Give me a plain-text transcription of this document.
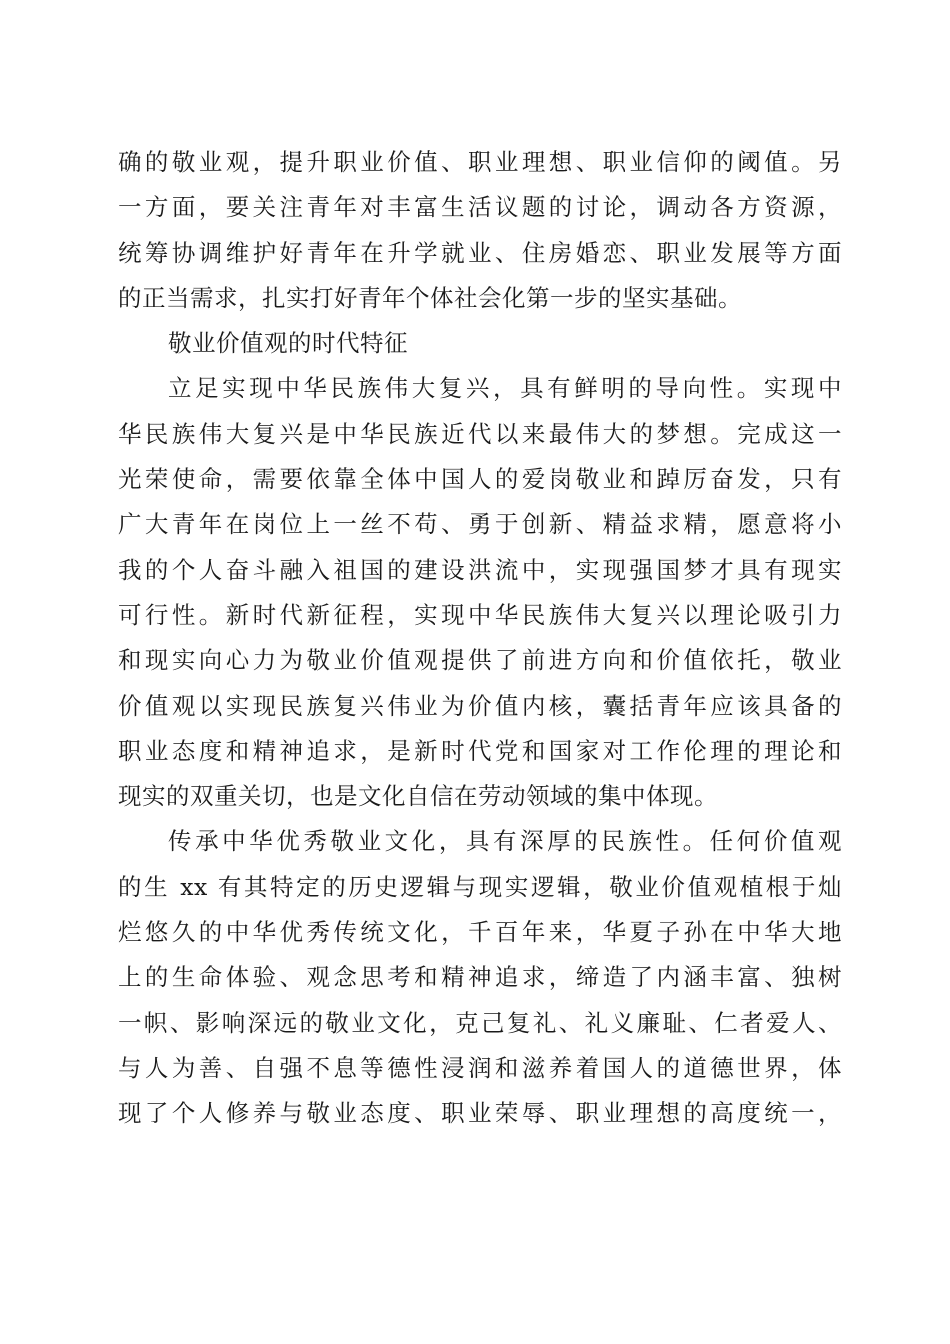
确的敬业观，提升职业价值、职业理想、职业信仰的阈值。另
一方面，要关注青年对丰富生活议题的讨论，调动各方资源，
统筹协调维护好青年在升学就业、住房婚恋、职业发展等方面
的正当需求，扎实打好青年个体社会化第一步的坚实基础。
敬业价值观的时代特征
立足实现中华民族伟大复兴，具有鲜明的导向性。实现中
华民族伟大复兴是中华民族近代以来最伟大的梦想。完成这一
光荣使命，需要依靠全体中国人的爱岗敬业和踔厉奋发，只有
广大青年在岗位上一丝不苟、勇于创新、精益求精，愿意将小
我的个人奋斗融入祖国的建设洪流中，实现强国梦才具有现实
可行性。新时代新征程，实现中华民族伟大复兴以理论吸引力
和现实向心力为敬业价值观提供了前进方向和价值依托，敬业
价值观以实现民族复兴伟业为价值内核，囊括青年应该具备的
职业态度和精神追求，是新时代党和国家对工作伦理的理论和
现实的双重关切，也是文化自信在劳动领域的集中体现。
传承中华优秀敬业文化，具有深厚的民族性。任何价值观
的生 xx 有其特定的历史逻辑与现实逻辑，敬业价值观植根于灿
烂悠久的中华优秀传统文化，千百年来，华夏子孙在中华大地
上的生命体验、观念思考和精神追求，缔造了内涵丰富、独树
一帜、影响深远的敬业文化，克己复礼、礼义廉耻、仁者爱人、
与人为善、自强不息等德性浸润和滋养着国人的道德世界，体
现了个人修养与敬业态度、职业荣辱、职业理想的高度统一，
